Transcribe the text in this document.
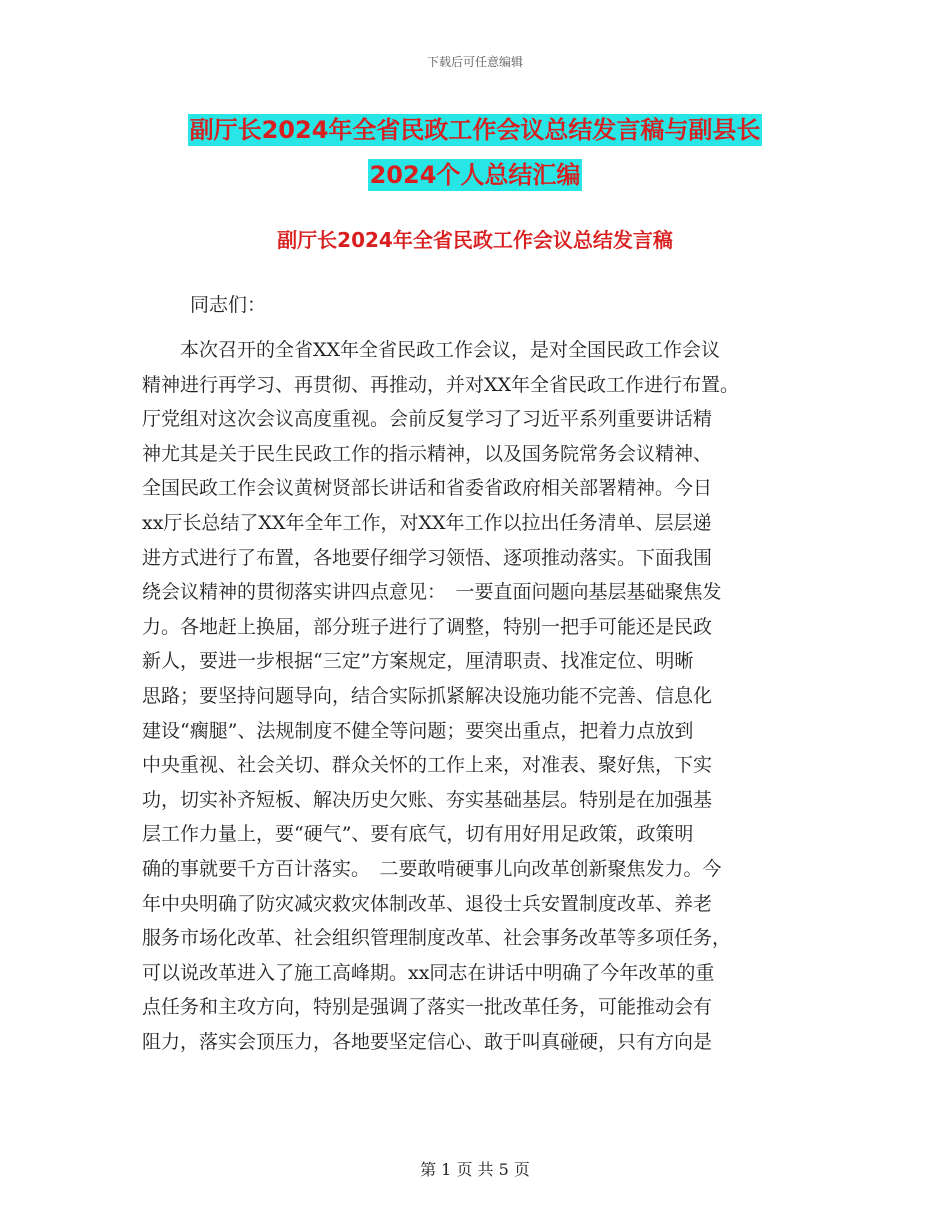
下载后可任意编辑
副厅长2024年全省民政工作会议总结发言稿与副县长
2024个人总结汇编
副厅长2024年全省民政工作会议总结发言稿
同志们：
　　本次召开的全省XX年全省民政工作会议，是对全国民政工作会议
精神进行再学习、再贯彻、再推动，并对XX年全省民政工作进行布置。
厅党组对这次会议高度重视。会前反复学习了习近平系列重要讲话精
神尤其是关于民生民政工作的指示精神，以及国务院常务会议精神、
全国民政工作会议黄树贤部长讲话和省委省政府相关部署精神。今日
xx厅长总结了XX年全年工作，对XX年工作以拉出任务清单、层层递
进方式进行了布置，各地要仔细学习领悟、逐项推动落实。下面我围
绕会议精神的贯彻落实讲四点意见：　一要直面问题向基层基础聚焦发
力。各地赶上换届，部分班子进行了调整，特别一把手可能还是民政
新人，要进一步根据“三定”方案规定，厘清职责、找准定位、明晰
思路；要坚持问题导向，结合实际抓紧解决设施功能不完善、信息化
建设“瘸腿”、法规制度不健全等问题；要突出重点，把着力点放到
中央重视、社会关切、群众关怀的工作上来，对准表、聚好焦，下实
功，切实补齐短板、解决历史欠账、夯实基础基层。特别是在加强基
层工作力量上，要“硬气”、要有底气，切有用好用足政策，政策明
确的事就要千方百计落实。　二要敢啃硬事儿向改革创新聚焦发力。今
年中央明确了防灾减灾救灾体制改革、退役士兵安置制度改革、养老
服务市场化改革、社会组织管理制度改革、社会事务改革等多项任务，
可以说改革进入了施工高峰期。xx同志在讲话中明确了今年改革的重
点任务和主攻方向，特别是强调了落实一批改革任务，可能推动会有
阻力，落实会顶压力，各地要坚定信心、敢于叫真碰硬，只有方向是
第 1 页 共 5 页
